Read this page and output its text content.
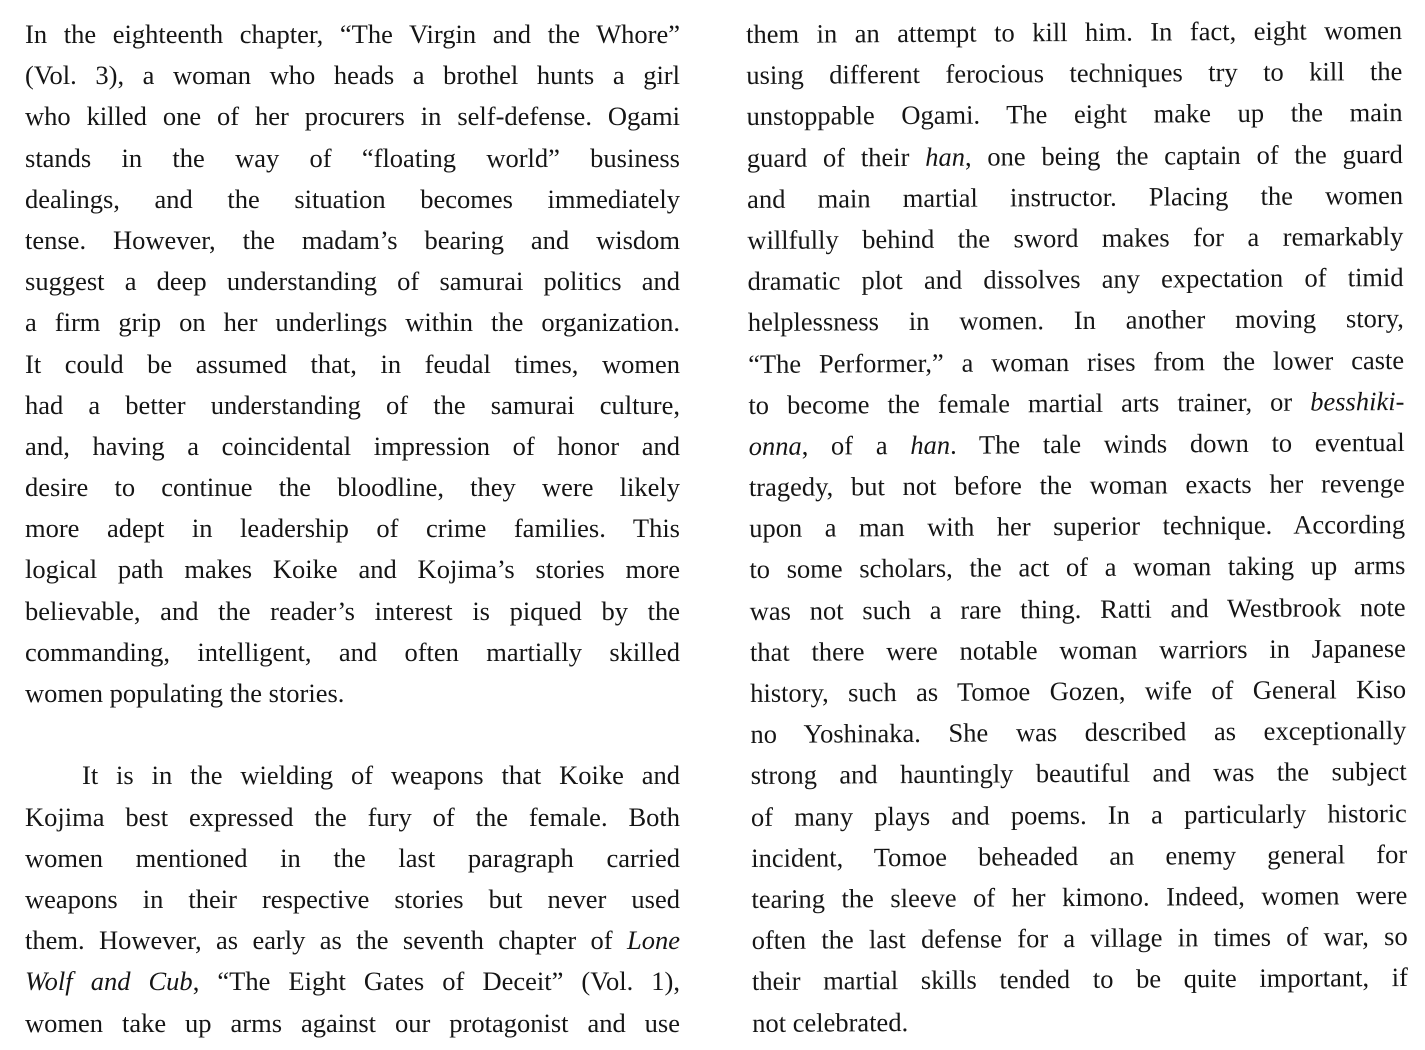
In the eighteenth chapter, “The Virgin and the Whore”
(Vol. 3), a woman who heads a brothel hunts a girl
who killed one of her procurers in self-defense. Ogami
stands in the way of “floating world” business
dealings, and the situation becomes immediately
tense. However, the madam’s bearing and wisdom
suggest a deep understanding of samurai politics and
a firm grip on her underlings within the organization.
It could be assumed that, in feudal times, women
had a better understanding of the samurai culture,
and, having a coincidental impression of honor and
desire to continue the bloodline, they were likely
more adept in leadership of crime families. This
logical path makes Koike and Kojima’s stories more
believable, and the reader’s interest is piqued by the
commanding, intelligent, and often martially skilled
women populating the stories.
It is in the wielding of weapons that Koike and
Kojima best expressed the fury of the female. Both
women mentioned in the last paragraph carried
weapons in their respective stories but never used
them. However, as early as the seventh chapter of Lone
Wolf and Cub, “The Eight Gates of Deceit” (Vol. 1),
women take up arms against our protagonist and use
them in an attempt to kill him. In fact, eight women
using different ferocious techniques try to kill the
unstoppable Ogami. The eight make up the main
guard of their han, one being the captain of the guard
and main martial instructor. Placing the women
willfully behind the sword makes for a remarkably
dramatic plot and dissolves any expectation of timid
helplessness in women. In another moving story,
“The Performer,” a woman rises from the lower caste
to become the female martial arts trainer, or besshiki-
onna, of a han. The tale winds down to eventual
tragedy, but not before the woman exacts her revenge
upon a man with her superior technique. According
to some scholars, the act of a woman taking up arms
was not such a rare thing. Ratti and Westbrook note
that there were notable woman warriors in Japanese
history, such as Tomoe Gozen, wife of General Kiso
no Yoshinaka. She was described as exceptionally
strong and hauntingly beautiful and was the subject
of many plays and poems. In a particularly historic
incident, Tomoe beheaded an enemy general for
tearing the sleeve of her kimono. Indeed, women were
often the last defense for a village in times of war, so
their martial skills tended to be quite important, if
not celebrated.
